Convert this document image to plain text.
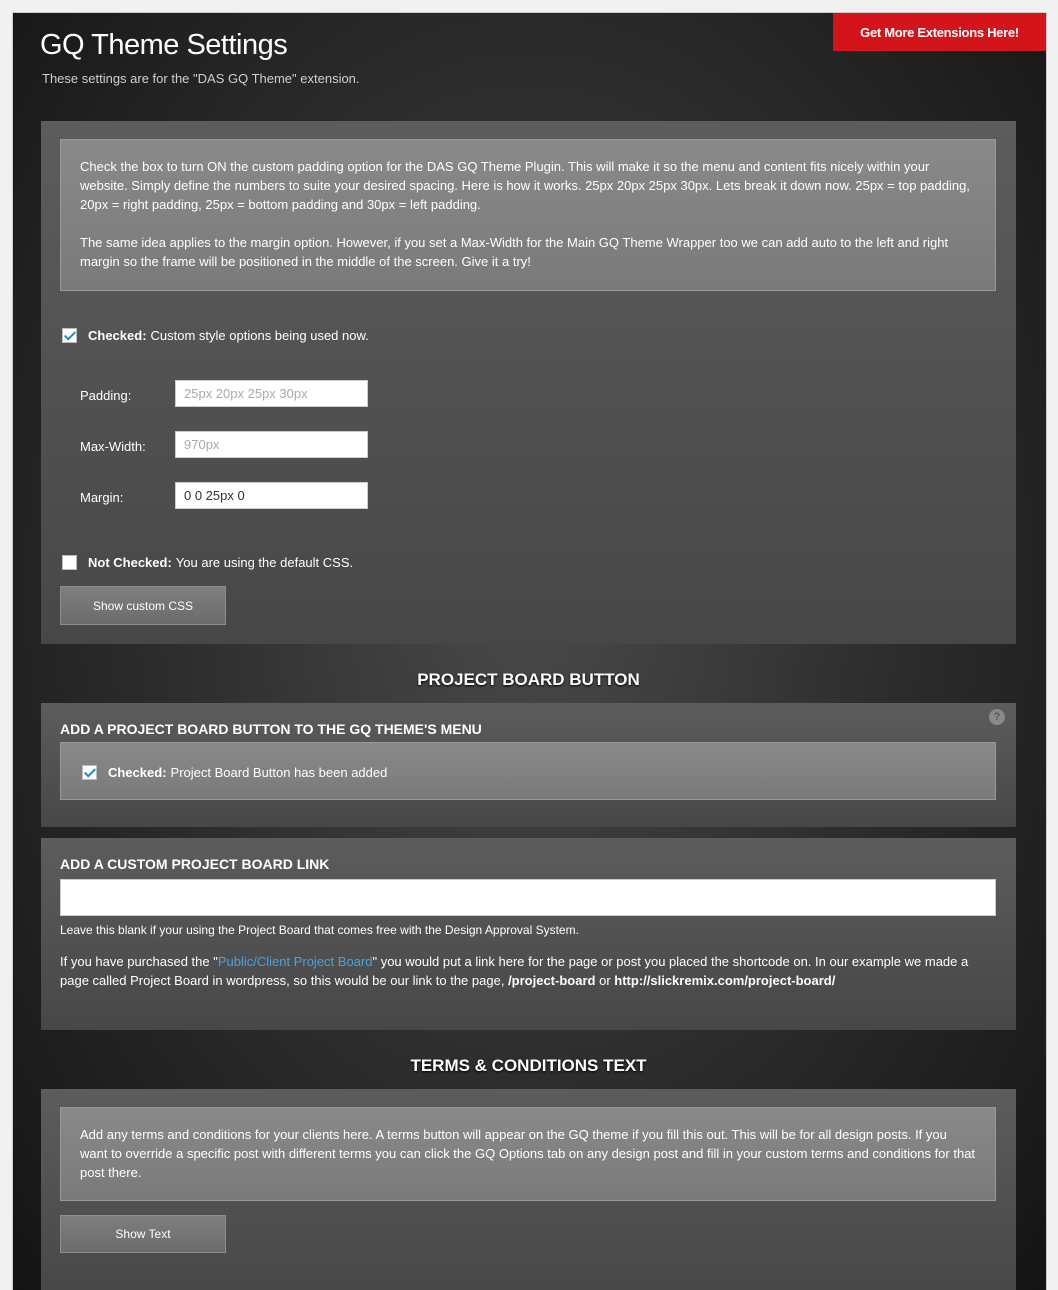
Get More Extensions Here!
GQ Theme Settings
These settings are for the "DAS GQ Theme" extension.

Check the box to turn ON the custom padding option for the DAS GQ Theme Plugin. This will make it so the menu and content fits nicely within your website. Simply define the numbers to suite your desired spacing. Here is how it works. 25px 20px 25px 30px. Lets break it down now. 25px = top padding, 20px = right padding, 25px = bottom padding and 30px = left padding.

The same idea applies to the margin option. However, if you set a Max-Width for the Main GQ Theme Wrapper too we can add auto to the left and right margin so the frame will be positioned in the middle of the screen. Give it a try!

Checked: Custom style options being used now.
Padding:
25px 20px 25px 30px
Max-Width:
970px
Margin:
0 0 25px 0
Not Checked: You are using the default CSS.
Show custom CSS
PROJECT BOARD BUTTON
ADD A PROJECT BOARD BUTTON TO THE GQ THEME'S MENU
?
Checked: Project Board Button has been added
ADD A CUSTOM PROJECT BOARD LINK
Leave this blank if your using the Project Board that comes free with the Design Approval System.
If you have purchased the "Public/Client Project Board" you would put a link here for the page or post you placed the shortcode on. In our example we made a page called Project Board in wordpress, so this would be our link to the page, /project-board or http://slickremix.com/project-board/
TERMS & CONDITIONS TEXT

Add any terms and conditions for your clients here. A terms button will appear on the GQ theme if you fill this out. This will be for all design posts. If you want to override a specific post with different terms you can click the GQ Options tab on any design post and fill in your custom terms and conditions for that post there.

Show Text
